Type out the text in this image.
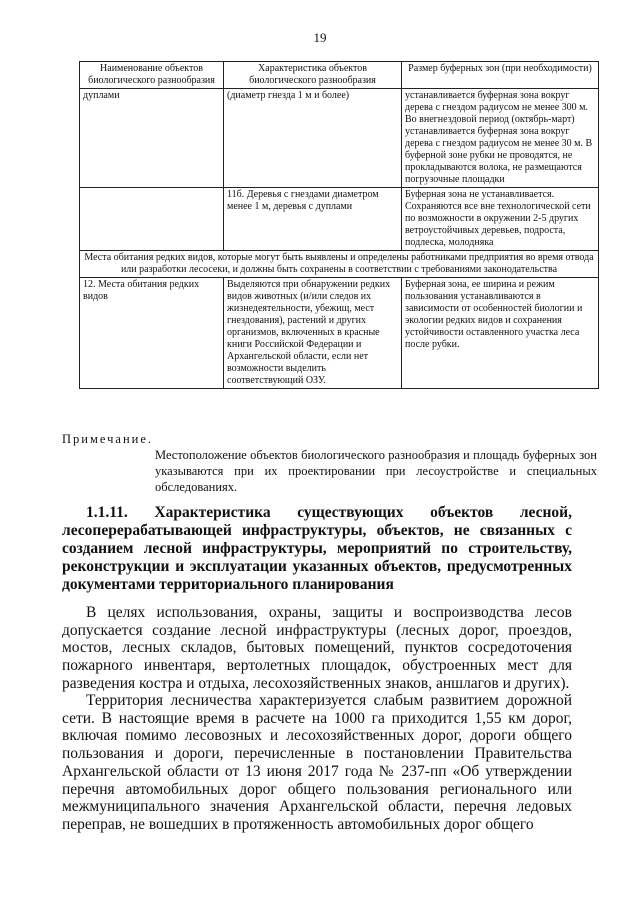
19
Наименование объектов биологического разнообразия	Характеристика объектов биологического разнообразия	Размер буферных зон (при необходимости)
дуплами	(диаметр гнезда 1 м и более)	устанавливается буферная зона вокруг дерева с гнездом радиусом не менее 300 м. Во внегнездовой период (октябрь-март) устанавливается буферная зона вокруг дерева с гнездом радиусом не менее 30 м. В буферной зоне рубки не проводятся, не прокладываются волока, не размещаются погрузочные площадки
	11б. Деревья с гнездами диаметром менее 1 м, деревья с дуплами	Буферная зона не устанавливается. Сохраняются все вне технологической сети по возможности в окружении 2-5 других ветроустойчивых деревьев, подроста, подлеска, молодняка
Места обитания редких видов, которые могут быть выявлены и определены работниками предприятия во время отвода или разработки лесосеки, и должны быть сохранены в соответствии с требованиями законодательства		
12. Места обитания редких видов	Выделяются при обнаружении редких видов животных (и/или следов их жизнедеятельности, убежищ, мест гнездования), растений и других организмов, включенных в красные книги Российской Федерации и Архангельской области, если нет возможности выделить соответствующий ОЗУ.	Буферная зона, ее ширина и режим пользования устанавливаются в зависимости от особенностей биологии и экологии редких видов и сохранения устойчивости оставленного участка леса после рубки.
Примечание.
Местоположение объектов биологического разнообразия и площадь буферных зон указываются при их проектировании при лесоустройстве и специальных обследованиях.
1.1.11. Характеристика существующих объектов лесной, лесоперерабатывающей инфраструктуры, объектов, не связанных с созданием лесной инфраструктуры, мероприятий по строительству, реконструкции и эксплуатации указанных объектов, предусмотренных документами территориального планирования
В целях использования, охраны, защиты и воспроизводства лесов допускается создание лесной инфраструктуры (лесных дорог, проездов, мостов, лесных складов, бытовых помещений, пунктов сосредоточения пожарного инвентаря, вертолетных площадок, обустроенных мест для разведения костра и отдыха, лесохозяйственных знаков, аншлагов и других).
Территория лесничества характеризуется слабым развитием дорожной сети. В настоящие время в расчете на 1000 га приходится 1,55 км дорог, включая помимо лесовозных и лесохозяйственных дорог, дороги общего пользования и дороги, перечисленные в постановлении Правительства Архангельской области от 13 июня 2017 года № 237-пп «Об утверждении перечня автомобильных дорог общего пользования регионального или межмуниципального значения Архангельской области, перечня ледовых переправ, не вошедших в протяженность автомобильных дорог общего
